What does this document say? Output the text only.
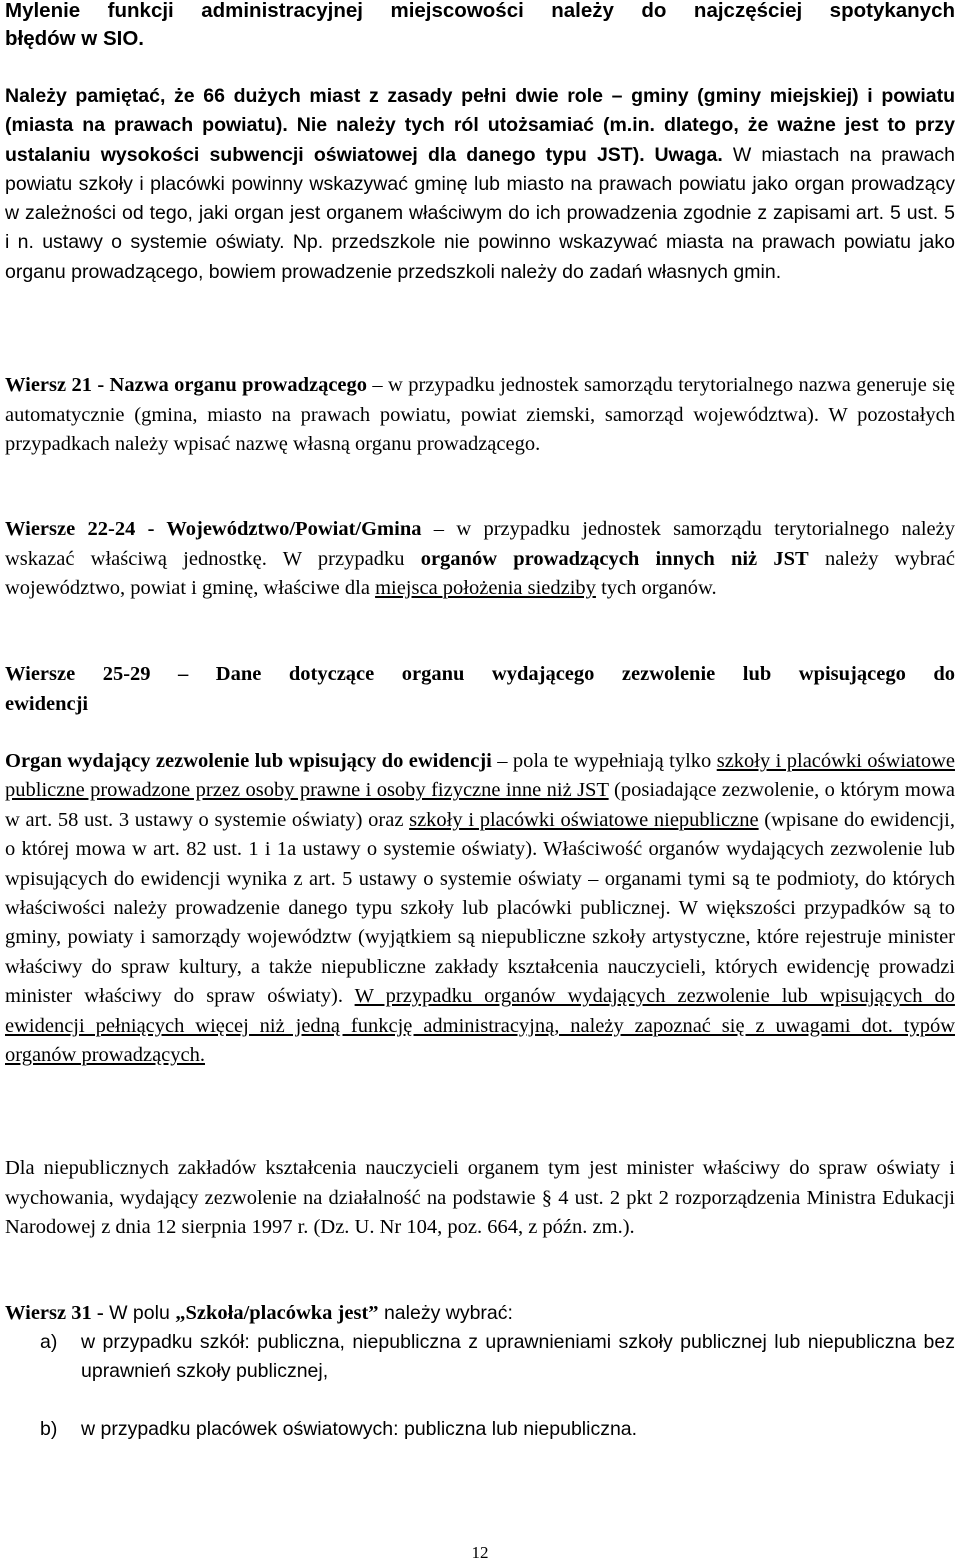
Mylenie funkcji administracyjnej miejscowości należy do najczęściej spotykanych

błędów w SIO.

Należy pamiętać, że 66 dużych miast z zasady pełni dwie role – gminy (gminy miejskiej) i powiatu (miasta na prawach powiatu). Nie należy tych ról utożsamiać (m.in. dlatego, że ważne jest to przy ustalaniu wysokości subwencji oświatowej dla danego typu JST). Uwaga. W miastach na prawach powiatu szkoły i placówki powinny wskazywać gminę lub miasto na prawach powiatu jako organ prowadzący w zależności od tego, jaki organ jest organem właściwym do ich prowadzenia zgodnie z zapisami art. 5 ust. 5 i n. ustawy o systemie oświaty. Np. przedszkole nie powinno wskazywać miasta na prawach powiatu jako organu prowadzącego, bowiem prowadzenie przedszkoli należy do zadań własnych gmin.
Wiersz 21 - Nazwa organu prowadzącego – w przypadku jednostek samorządu terytorialnego nazwa generuje się automatycznie (gmina, miasto na prawach powiatu, powiat ziemski, samorząd województwa). W pozostałych przypadkach należy wpisać nazwę własną organu prowadzącego.
Wiersze 22-24 - Województwo/Powiat/Gmina – w przypadku jednostek samorządu terytorialnego należy wskazać właściwą jednostkę. W przypadku organów prowadzących innych niż JST należy wybrać województwo, powiat i gminę, właściwe dla miejsca położenia siedziby tych organów.

Wiersze 25-29 – Dane dotyczące organu wydającego zezwolenie lub wpisującego do

ewidencji

Organ wydający zezwolenie lub wpisujący do ewidencji – pola te wypełniają tylko szkoły i placówki oświatowe publiczne prowadzone przez osoby prawne i osoby fizyczne inne niż JST (posiadające zezwolenie, o którym mowa w art. 58 ust. 3 ustawy o systemie oświaty) oraz szkoły i placówki oświatowe niepubliczne (wpisane do ewidencji, o której mowa w art. 82 ust. 1 i 1a ustawy o systemie oświaty). Właściwość organów wydających zezwolenie lub wpisujących do ewidencji wynika z art. 5 ustawy o systemie oświaty – organami tymi są te podmioty, do których właściwości należy prowadzenie danego typu szkoły lub placówki publicznej. W większości przypadków są to gminy, powiaty i samorządy województw (wyjątkiem są niepubliczne szkoły artystyczne, które rejestruje minister właściwy do spraw kultury, a także niepubliczne zakłady kształcenia nauczycieli, których ewidencję prowadzi minister właściwy do spraw oświaty). W przypadku organów wydających zezwolenie lub wpisujących do ewidencji pełniących więcej niż jedną funkcję administracyjną, należy zapoznać się z uwagami dot. typów organów prowadzących.
Dla niepublicznych zakładów kształcenia nauczycieli organem tym jest minister właściwy do spraw oświaty i wychowania, wydający zezwolenie na działalność na podstawie § 4 ust. 2 pkt 2 rozporządzenia Ministra Edukacji Narodowej z dnia 12 sierpnia 1997 r. (Dz. U. Nr 104, poz. 664, z późn. zm.).
Wiersz 31 - W polu „Szkoła/placówka jest” należy wybrać:
a) w przypadku szkół: publiczna, niepubliczna z uprawnieniami szkoły publicznej lub niepubliczna bez uprawnień szkoły publicznej,
b) w przypadku placówek oświatowych: publiczna lub niepubliczna.
12
